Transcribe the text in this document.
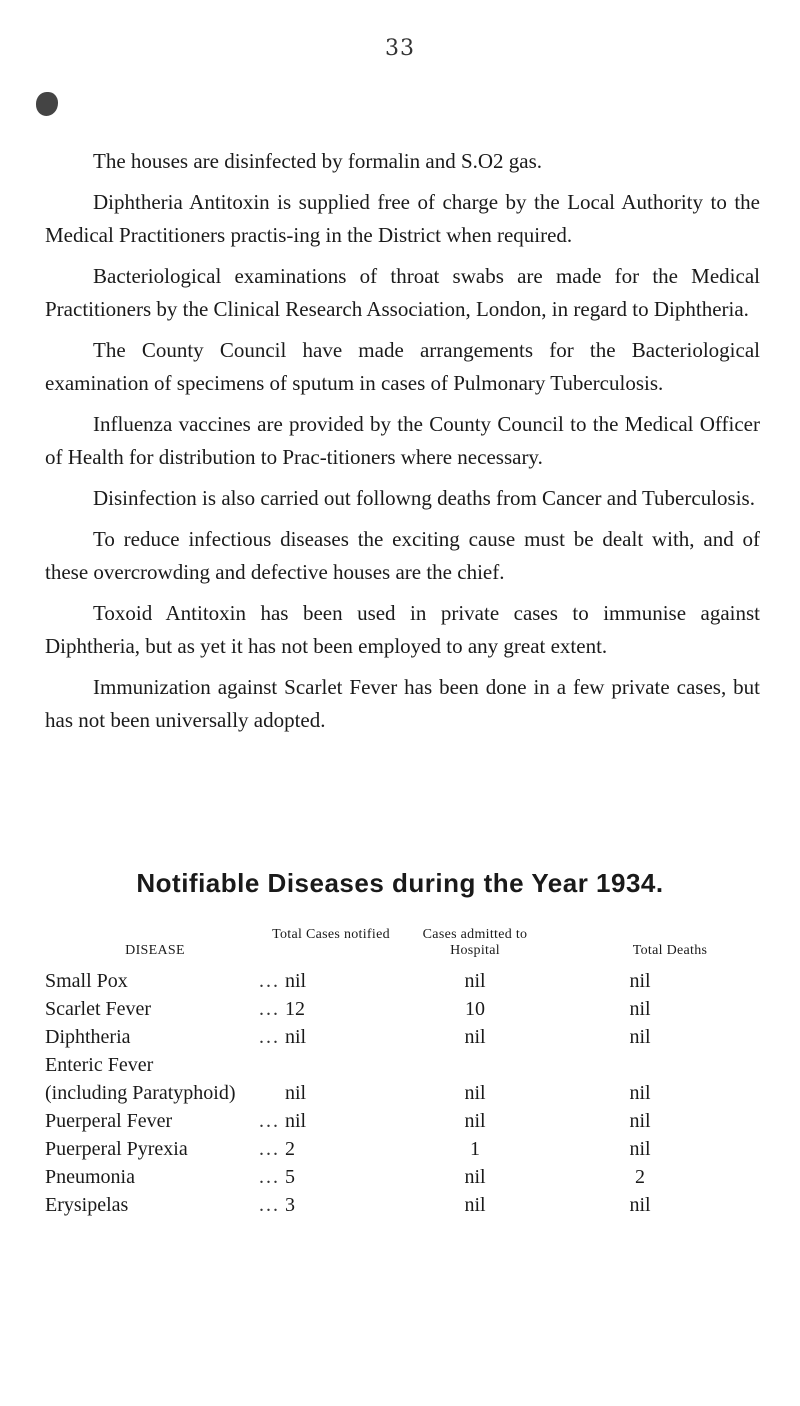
33

The houses are disinfected by formalin and S.O2 gas.

Diphtheria Antitoxin is supplied free of charge by the Local Authority to the Medical Practitioners practis-ing in the District when required.

Bacteriological examinations of throat swabs are made for the Medical Practitioners by the Clinical Research Association, London, in regard to Diphtheria.

The County Council have made arrangements for the Bacteriological examination of specimens of sputum in cases of Pulmonary Tuberculosis.

Influenza vaccines are provided by the County Council to the Medical Officer of Health for distribution to Prac-titioners where necessary.

Disinfection is also carried out followng deaths from Cancer and Tuberculosis.

To reduce infectious diseases the exciting cause must be dealt with, and of these overcrowding and defective houses are the chief.

Toxoid Antitoxin has been used in private cases to immunise against Diphtheria, but as yet it has not been employed to any great extent.

Immunization against Scarlet Fever has been done in a few private cases, but has not been universally adopted.

Notifiable Diseases during the Year 1934.
DISEASE
Total Cases notified	Cases admitted to Hospital	Total Deaths
Small Pox	... nil	nil	nil
Scarlet Fever	... 12	10	nil
Diphtheria	... nil	nil	nil
Enteric Fever
(including Paratyphoid) nil	nil	nil
Puerperal Fever	... nil	nil	nil
Puerperal Pyrexia	... 2	1	nil
Pneumonia	... 5	nil	2
Erysipelas	... 3	nil	nil
